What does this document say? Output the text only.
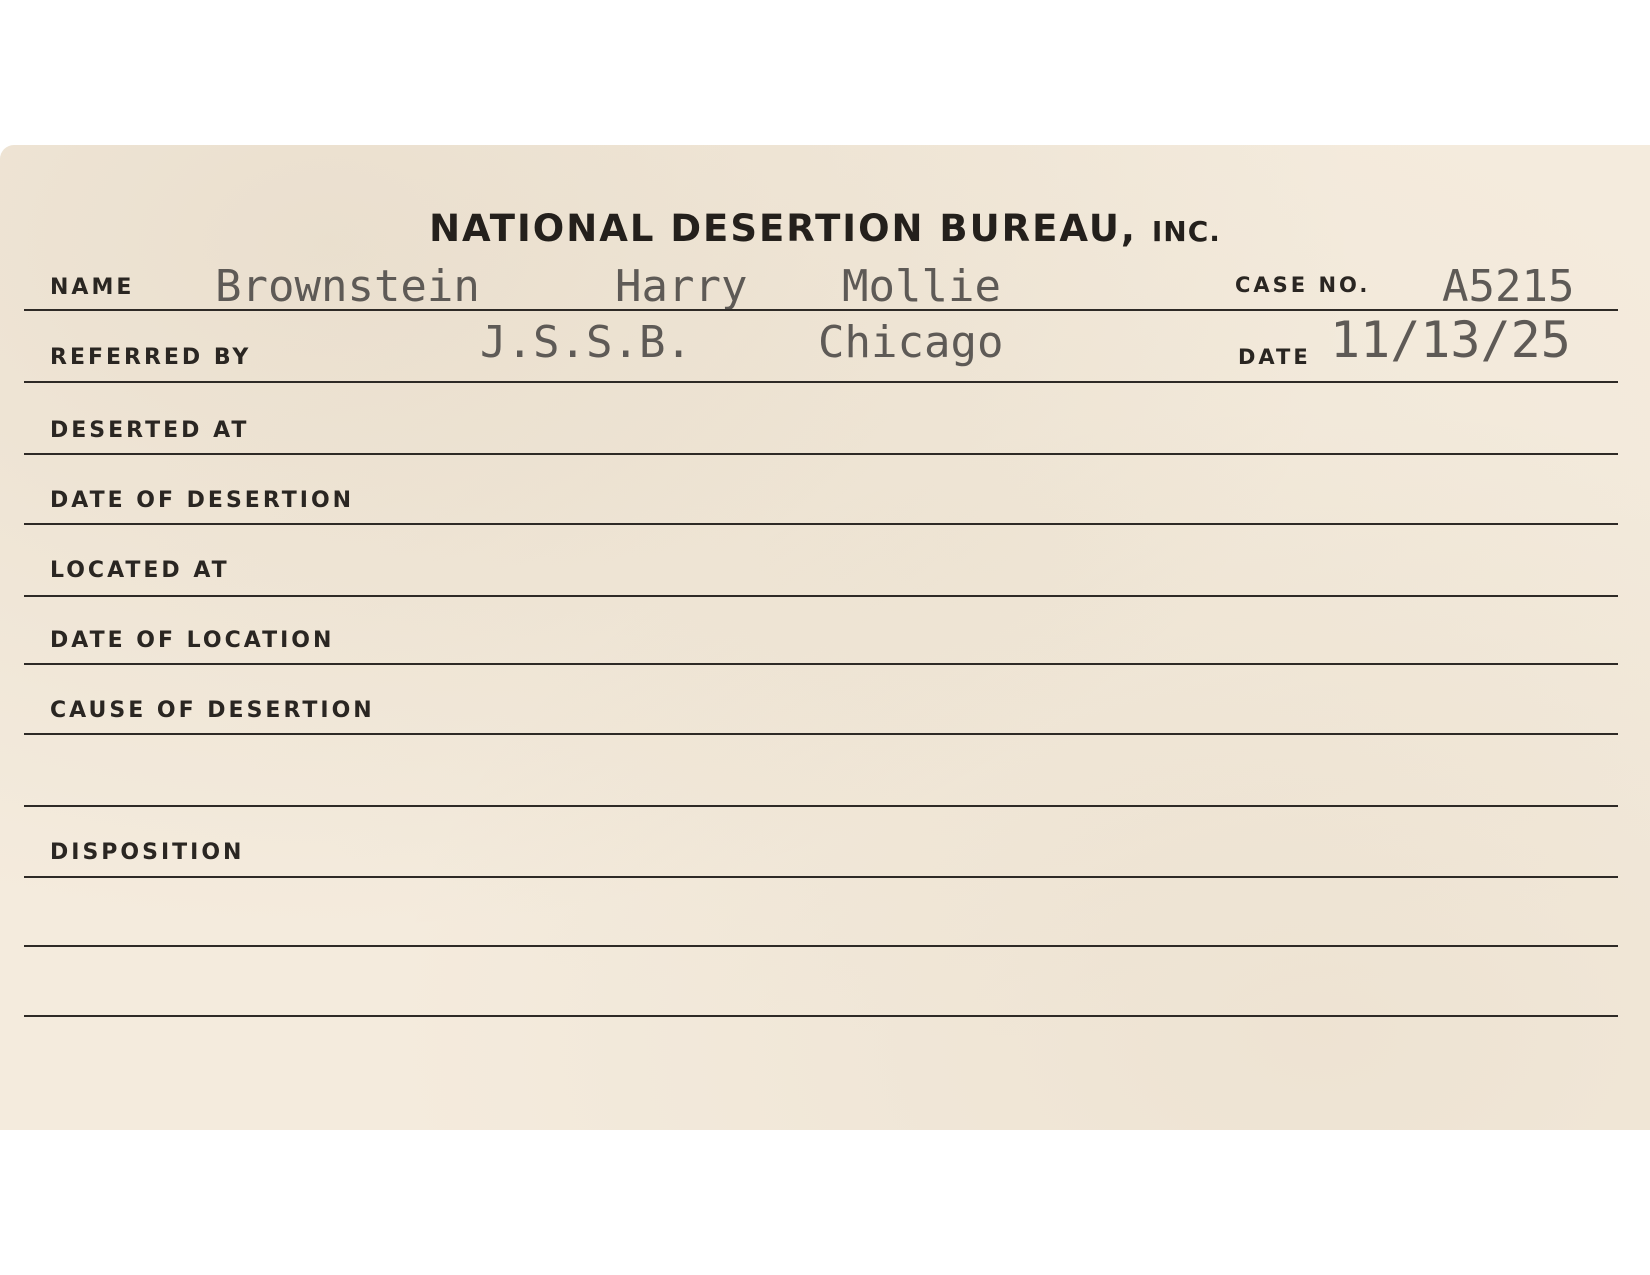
NATIONAL DESERTION BUREAU, INC.
NAME Brownstein	Harry Mollie	CASE NO. A5215
REFERRED BY	J.S.S.B.	Chicago	DATE 11/13/25
DESERTED AT
DATE OF DESERTION
LOCATED AT
DATE OF LOCATION
CAUSE OF DESERTION
DISPOSITION
